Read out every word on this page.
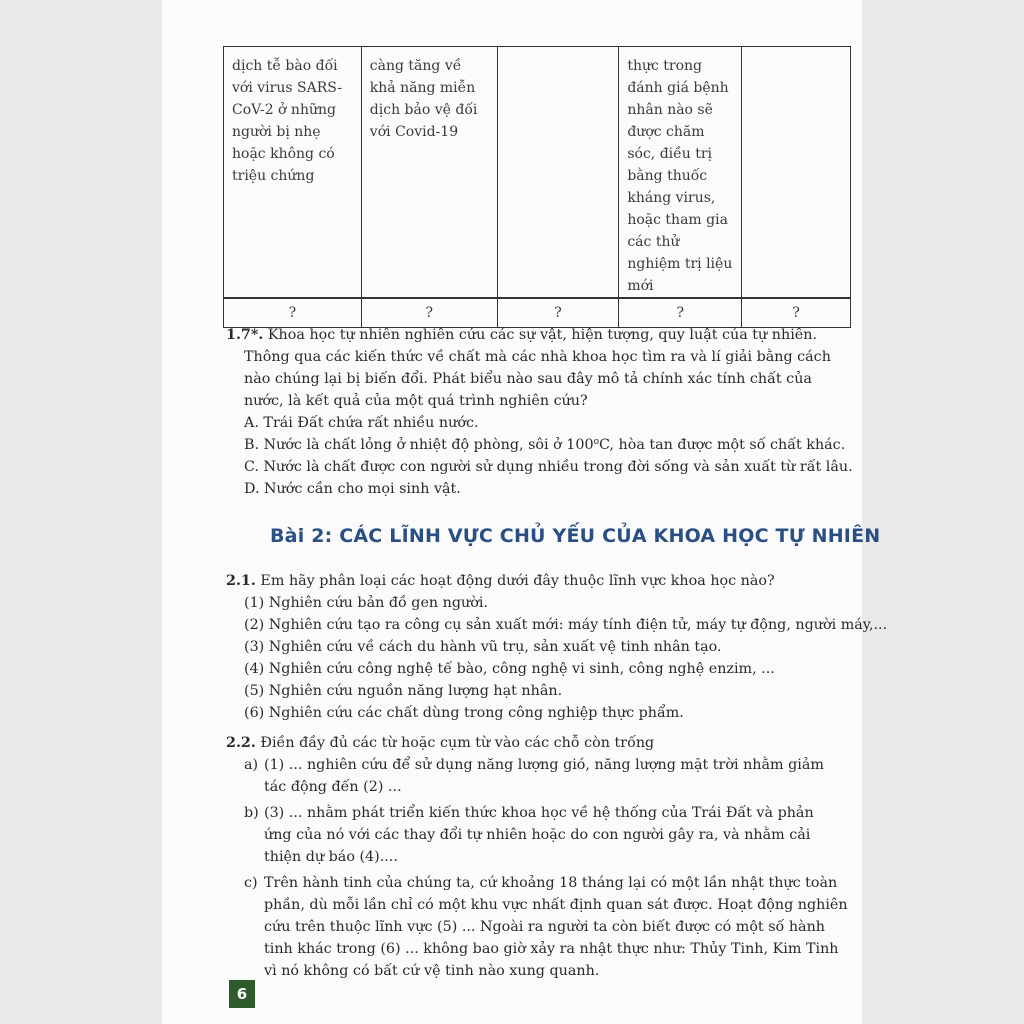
dịch tễ bào đối với virus SARS-CoV-2 ở những người bị nhẹ hoặc không có triệu chứng	càng tăng về khả năng miễn dịch bảo vệ đối với Covid-19		thực trong đánh giá bệnh nhân nào sẽ được chăm sóc, điều trị bằng thuốc kháng virus, hoặc tham gia các thử nghiệm trị liệu mới	
?	?	?	?	?
1.7*. Khoa học tự nhiên nghiên cứu các sự vật, hiện tượng, quy luật của tự nhiên.
Thông qua các kiến thức về chất mà các nhà khoa học tìm ra và lí giải bằng cách
nào chúng lại bị biến đổi. Phát biểu nào sau đây mô tả chính xác tính chất của
nước, là kết quả của một quá trình nghiên cứu?
A. Trái Đất chứa rất nhiều nước.
B. Nước là chất lỏng ở nhiệt độ phòng, sôi ở 100$^o$C, hòa tan được một số chất khác.
C. Nước là chất được con người sử dụng nhiều trong đời sống và sản xuất từ rất lâu.
D. Nước cần cho mọi sinh vật.
2.1. Em hãy phân loại các hoạt động dưới đây thuộc lĩnh vực khoa học nào?
(1) Nghiên cứu bản đồ gen người.
(2) Nghiên cứu tạo ra công cụ sản xuất mới: máy tính điện tử, máy tự động, người máy,...
(3) Nghiên cứu về cách du hành vũ trụ, sản xuất vệ tinh nhân tạo.
(4) Nghiên cứu công nghệ tế bào, công nghệ vi sinh, công nghệ enzim, ...
(5) Nghiên cứu nguồn năng lượng hạt nhân.
(6) Nghiên cứu các chất dùng trong công nghiệp thực phẩm.
2.2. Điền đầy đủ các từ hoặc cụm từ vào các chỗ còn trống
a) (1) ... nghiên cứu để sử dụng năng lượng gió, năng lượng mặt trời nhằm giảm
tác động đến (2) ...
b) (3) ... nhằm phát triển kiến thức khoa học về hệ thống của Trái Đất và phản
ứng của nó với các thay đổi tự nhiên hoặc do con người gây ra, và nhằm cải
thiện dự báo (4)....
c) Trên hành tinh của chúng ta, cứ khoảng 18 tháng lại có một lần nhật thực toàn
phần, dù mỗi lần chỉ có một khu vực nhất định quan sát được. Hoạt động nghiên
cứu trên thuộc lĩnh vực (5) ... Ngoài ra người ta còn biết được có một số hành
tinh khác trong (6) ... không bao giờ xảy ra nhật thực như: Thủy Tinh, Kim Tinh
vì nó không có bất cứ vệ tinh nào xung quanh.
Bài 2: CÁC LĨNH VỰC CHỦ YẾU CỦA KHOA HỌC TỰ NHIÊN
6
